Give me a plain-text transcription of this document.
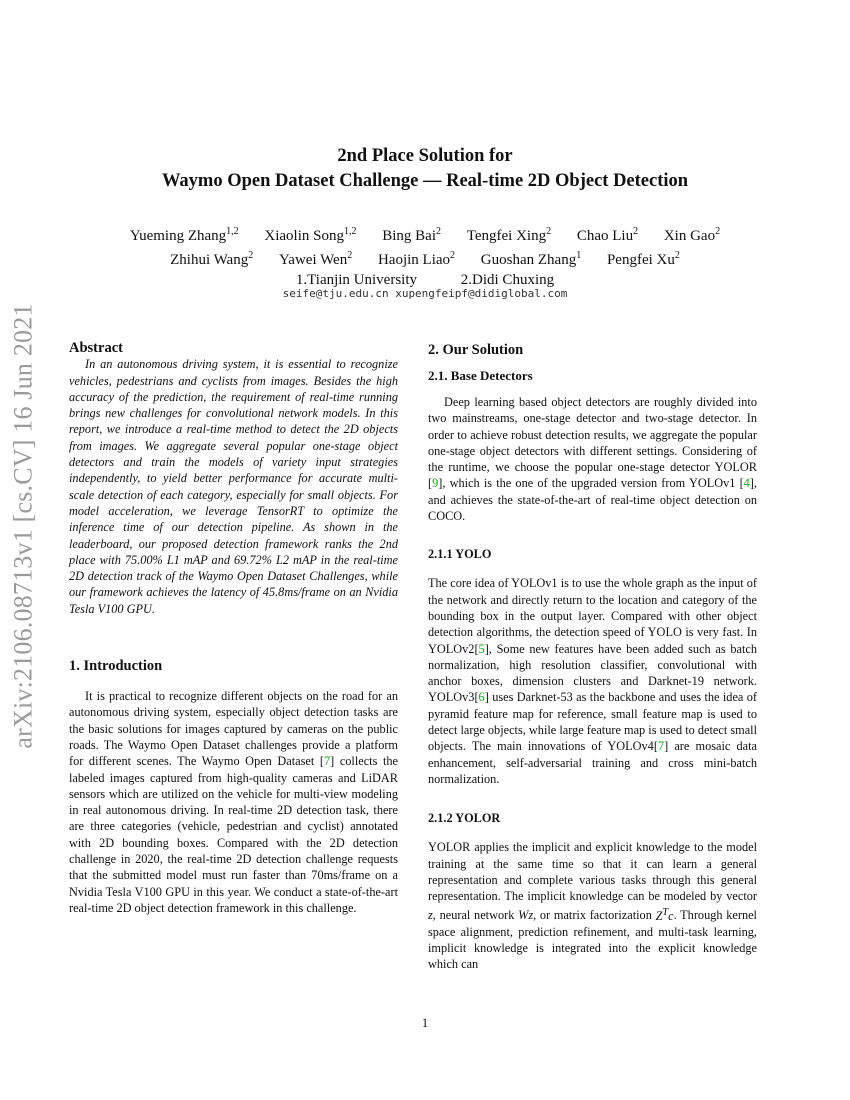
arXiv:2106.08713v1 [cs.CV] 16 Jun 2021
2nd Place Solution for
Waymo Open Dataset Challenge — Real-time 2D Object Detection
Yueming Zhang$^{1,2}$ Xiaolin Song$^{1,2}$ Bing Bai$^2$ Tengfei Xing$^2$ Chao Liu$^2$ Xin Gao$^2$
Zhihui Wang$^2$ Yawei Wen$^2$ Haojin Liao$^2$ Guoshan Zhang$^1$ Pengfei Xu$^2$
1.Tianjin University	2.Didi Chuxing
seife@tju.edu.cn xupengfeipf@didiglobal.com

Abstract

In an autonomous driving system, it is essential to recognize vehicles, pedestrians and cyclists from images. Besides the high accuracy of the prediction, the requirement of real-time running brings new challenges for convolutional network models. In this report, we introduce a real-time method to detect the 2D objects from images. We aggregate several popular one-stage object detectors and train the models of variety input strategies independently, to yield better performance for accurate multi-scale detection of each category, especially for small objects. For model acceleration, we leverage TensorRT to optimize the inference time of our detection pipeline. As shown in the leaderboard, our proposed detection framework ranks the 2nd place with 75.00% L1 mAP and 69.72% L2 mAP in the real-time 2D detection track of the Waymo Open Dataset Challenges, while our framework achieves the latency of 45.8ms/frame on an Nvidia Tesla V100 GPU.

1. Introduction

It is practical to recognize different objects on the road for an autonomous driving system, especially object detection tasks are the basic solutions for images captured by cameras on the public roads. The Waymo Open Dataset challenges provide a platform for different scenes. The Waymo Open Dataset [7] collects the labeled images captured from high-quality cameras and LiDAR sensors which are utilized on the vehicle for multi-view modeling in real autonomous driving. In real-time 2D detection task, there are three categories (vehicle, pedestrian and cyclist) annotated with 2D bounding boxes. Compared with the 2D detection challenge in 2020, the real-time 2D detection challenge requests that the submitted model must run faster than 70ms/frame on a Nvidia Tesla V100 GPU in this year. We conduct a state-of-the-art real-time 2D object detection framework in this challenge.

2. Our Solution

2.1. Base Detectors

Deep learning based object detectors are roughly divided into two mainstreams, one-stage detector and two-stage detector. In order to achieve robust detection results, we aggregate the popular one-stage object detectors with different settings. Considering of the runtime, we choose the popular one-stage detector YOLOR [9], which is the one of the upgraded version from YOLOv1 [4], and achieves the state-of-the-art of real-time object detection on COCO.

2.1.1 YOLO

The core idea of YOLOv1 is to use the whole graph as the input of the network and directly return to the location and category of the bounding box in the output layer. Compared with other object detection algorithms, the detection speed of YOLO is very fast. In YOLOv2[5], Some new features have been added such as batch normalization, high resolution classifier, convolutional with anchor boxes, dimension clusters and Darknet-19 network. YOLOv3[6] uses Darknet-53 as the backbone and uses the idea of pyramid feature map for reference, small feature map is used to detect large objects, while large feature map is used to detect small objects. The main innovations of YOLOv4[7] are mosaic data enhancement, self-adversarial training and cross mini-batch normalization.

2.1.2 YOLOR

YOLOR applies the implicit and explicit knowledge to the model training at the same time so that it can learn a general representation and complete various tasks through this general representation. The implicit knowledge can be modeled by vector z, neural network Wz, or matrix factorization $Z^Tc$. Through kernel space alignment, prediction refinement, and multi-task learning, implicit knowledge is integrated into the explicit knowledge which can

1
